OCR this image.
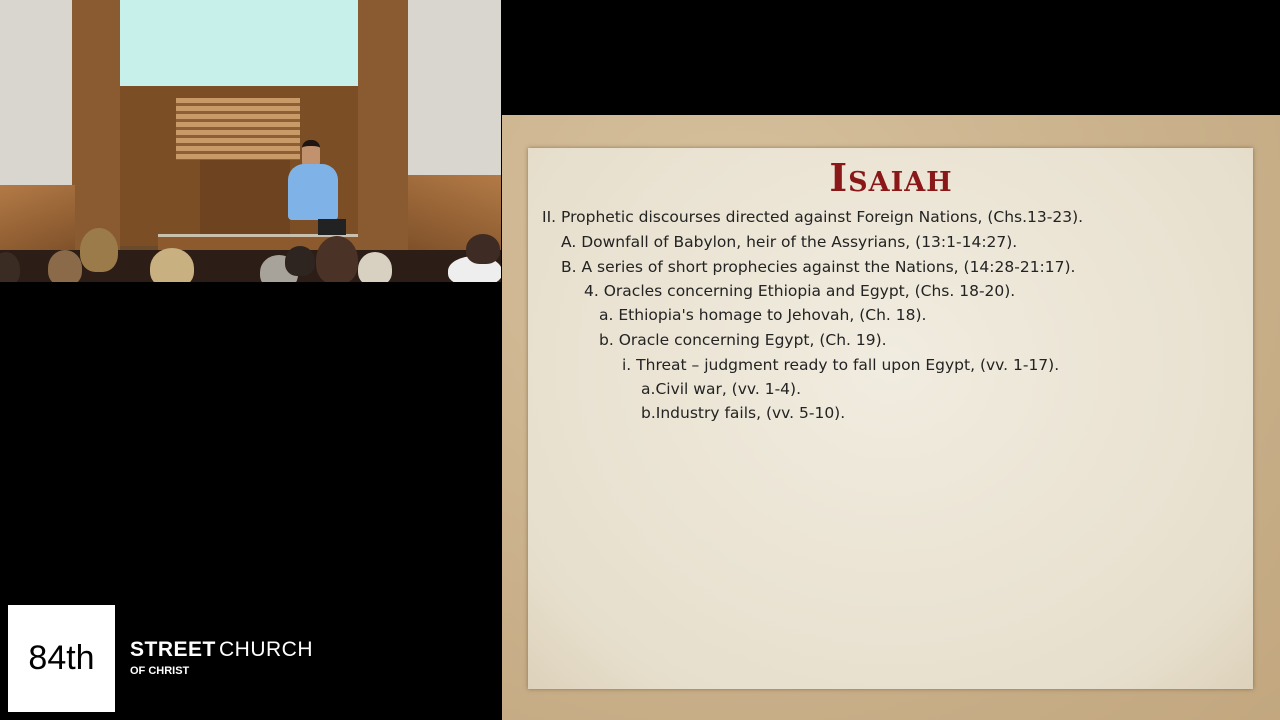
84th	STREET CHURCH
OF CHRIST
Isaiah
II. Prophetic discourses directed against Foreign Nations, (Chs.13-23).
A. Downfall of Babylon, heir of the Assyrians, (13:1-14:27).
B. A series of short prophecies against the Nations, (14:28-21:17).
4. Oracles concerning Ethiopia and Egypt, (Chs. 18-20).
a. Ethiopia's homage to Jehovah, (Ch. 18).
b. Oracle concerning Egypt, (Ch. 19).
i. Threat – judgment ready to fall upon Egypt, (vv. 1-17).
a.Civil war, (vv. 1-4).
b.Industry fails, (vv. 5-10).
